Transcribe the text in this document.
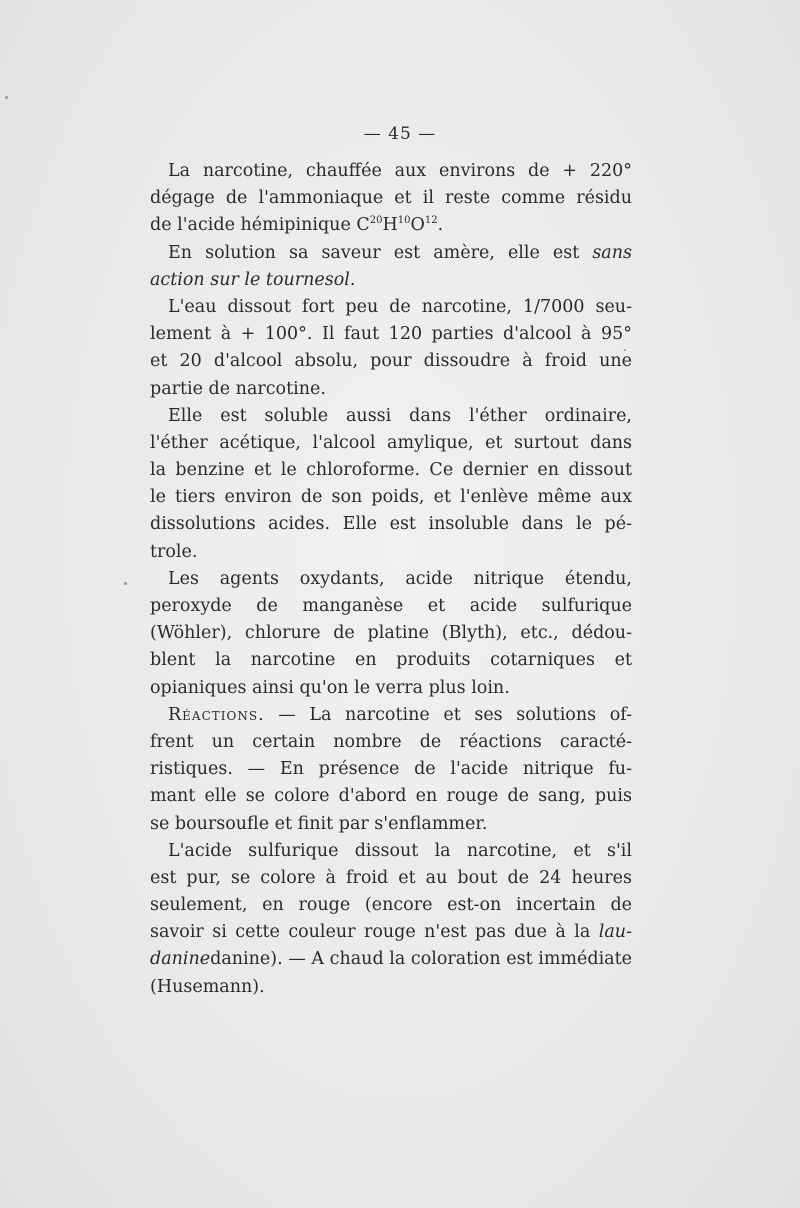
— 45 —
La narcotine, chauffée aux environs de + 220°
dégage de l'ammoniaque et il reste comme résidu
de l'acide hémipinique $C^{20}H^{10}O^{12}$.
En solution sa saveur est amère, elle est sans
action sur le tournesol.
L'eau dissout fort peu de narcotine, 1/7000 seu-
lement à + 100°. Il faut 120 parties d'alcool à 95°
et 20 d'alcool absolu, pour dissoudre à froid une
partie de narcotine.
Elle est soluble aussi dans l'éther ordinaire,
l'éther acétique, l'alcool amylique, et surtout dans
la benzine et le chloroforme. Ce dernier en dissout
le tiers environ de son poids, et l'enlève même aux
dissolutions acides. Elle est insoluble dans le pé-
trole.
Les agents oxydants, acide nitrique étendu,
peroxyde de manganèse et acide sulfurique
(Wöhler), chlorure de platine (Blyth), etc., dédou-
blent la narcotine en produits cotarniques et
opianiques ainsi qu'on le verra plus loin.
Réactions. — La narcotine et ses solutions of-
frent un certain nombre de réactions caracté-
ristiques. — En présence de l'acide nitrique fu-
mant elle se colore d'abord en rouge de sang, puis
se boursoufle et finit par s'enflammer.
L'acide sulfurique dissout la narcotine, et s'il
est pur, se colore à froid et au bout de 24 heures
seulement, en rouge (encore est-on incertain de
savoir si cette couleur rouge n'est pas due à la lau-
daninedanine). — A chaud la coloration est immédiate
(Husemann).
